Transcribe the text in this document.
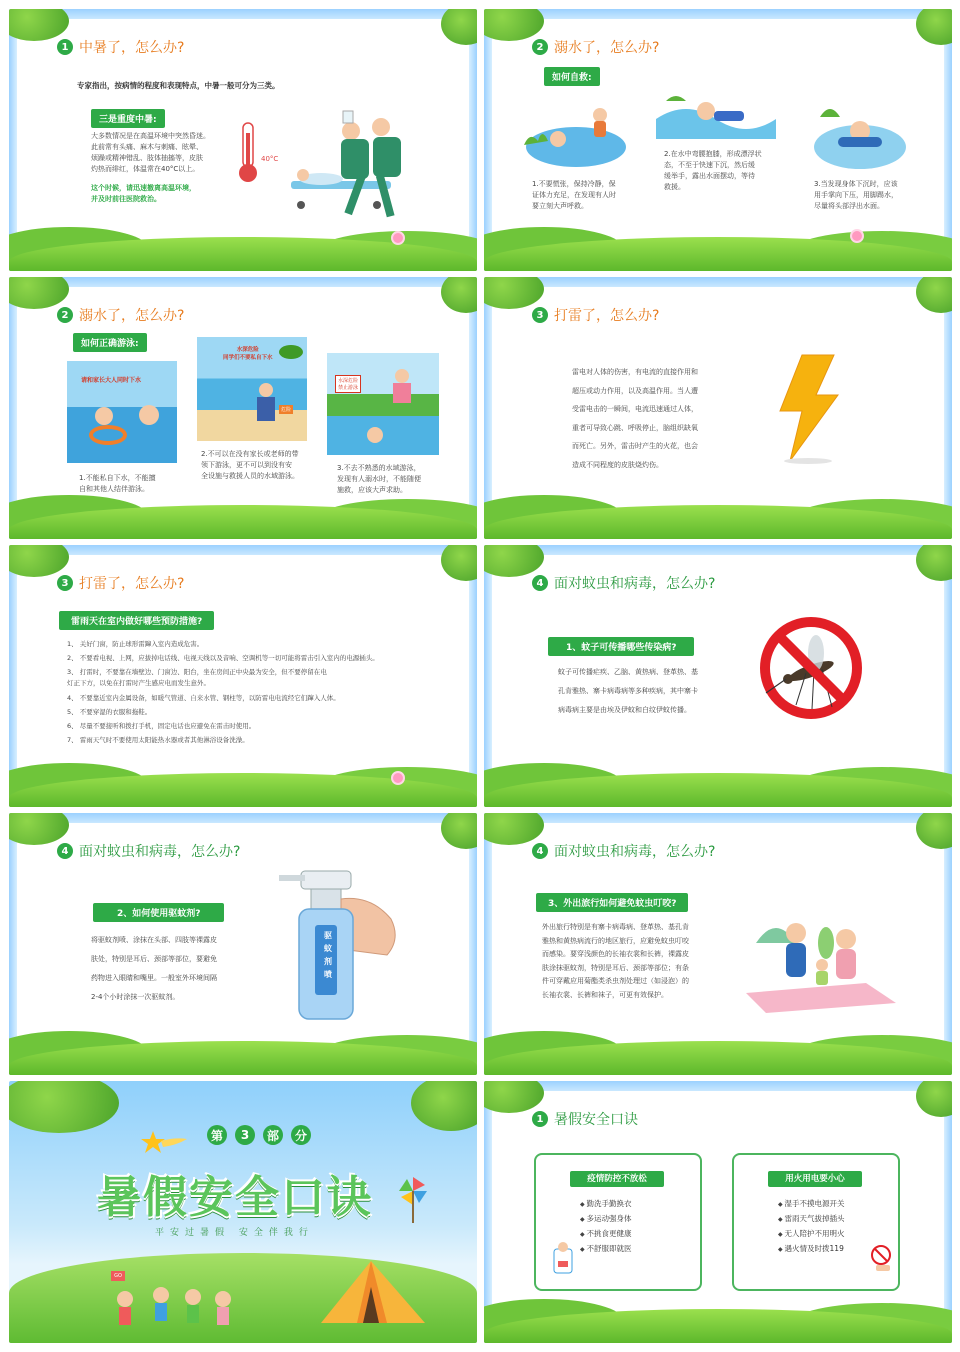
1 中暑了，怎么办?
专家指出，按病情的程度和表现特点，中暑一般可分为三类。
三是重度中暑:
大多数情况是在高温环境中突然昏迷。
此前常有头痛、麻木与刺痛、眩晕、
烦躁或精神错乱、肢体抽搐等，皮肤
灼热而绯红，体温常在40°C以上。
这个时候，请迅速撤离高温环境，
并及时前往医院救治。
40°C
2 溺水了，怎么办?
如何自救:
1.不要慌张，保持冷静，保
证体力充足，在发现有人时
要立刻大声呼救。
2.在水中弯腰抱膝，形成漂浮状
态，不至于快速下沉，然后缓
缓举手，露出水面摆动，等待
救援。	3.当发现身体下沉时，应该
用手掌向下压，用脚踢水，
尽量将头部浮出水面。
2 溺水了，怎么办?
如何正确游泳:
请和家长大人同时下水
1.不能私自下水，不能擅
自和其他人结伴游泳。
水深危险
同学们不要私自下水
危险
2.不可以在没有家长或老师的带
领下游泳，更不可以到没有安
全设施与救援人员的水域游泳。
水深危险
禁止游泳
3.不去不熟悉的水域游泳，
发现有人溺水时，不能随便
施救，应该大声求助。
3 打雷了，怎么办?
雷电对人体的伤害，有电流的直接作用和
超压或动力作用，以及高温作用。当人遭
受雷电击的一瞬间，电流迅速通过人体，
重者可导致心跳、呼吸停止，脑组织缺氧
而死亡。另外，雷击时产生的火花，也会
造成不同程度的皮肤烧灼伤。
3 打雷了，怎么办?
雷雨天在室内做好哪些预防措施?
1、 关好门窗，防止球形雷蹿入室内造成危害。
2、 不要看电视、上网，应拔掉电话线、电视天线以及音响、空调机等一切可能将雷击引入室内的电源插头。
3、 打雷时，不要靠在墙壁边、门窗边、阳台，坐在房间正中央最为安全，但不要停留在电
灯正下方，以免在打雷时产生感应电而发生意外。
4、 不要靠近室内金属设备，如暖气管道、自来水管、钢柱等，以防雷电电流经它们蹿入人体。
5、 不要穿湿的衣服和拖鞋。
6、 尽量不要接听和拨打手机，固定电话也应避免在雷击时使用。
7、 雷雨天气时不要使用太阳能热水器或者其他淋浴设备洗澡。
4 面对蚊虫和病毒，怎么办?
1、蚊子可传播哪些传染病?
蚊子可传播疟疾、乙脑、黄热病、登革热、基
孔肯雅热、寨卡病毒病等多种疾病，其中寨卡
病毒病主要是由埃及伊蚊和白纹伊蚊传播。
4 面对蚊虫和病毒，怎么办?
2、如何使用驱蚊剂?
将驱蚊剂喷、涂抹在头部、四肢等裸露皮
肤处，特别是耳后、颈部等部位，要避免
药物进入眼睛和嘴里。一般室外环境间隔
2-4个小时涂抹一次驱蚊剂。
驱蚊剂喷
4 面对蚊虫和病毒，怎么办?
3、外出旅行如何避免蚊虫叮咬?
外出旅行特别是有寨卡病毒病、登革热、基孔肯
雅热和黄热病流行的地区旅行，应避免蚊虫叮咬
而感染。要穿浅颜色的长袖衣裳和长裤，裸露皮
肤涂抹驱蚊剂，特别是耳后、颈部等部位；有条
件可穿戴应用菊酯类杀虫剂处理过（如浸泡）的
长袖衣裳、长裤和袜子，可更有效保护。
第	3	部	分
暑假安全口诀
平安过暑假 安全伴我行
GO
1 暑假安全口诀
疫情防控不放松
◆ 勤洗手勤换衣
◆ 多运动强身体
◆ 不挑食更健康
◆ 不舒服即就医
用火用电要小心
◆ 湿手不摸电源开关
◆ 雷雨天气拔掉插头
◆ 无人陪护不用明火
◆ 遇火情及时拨119
